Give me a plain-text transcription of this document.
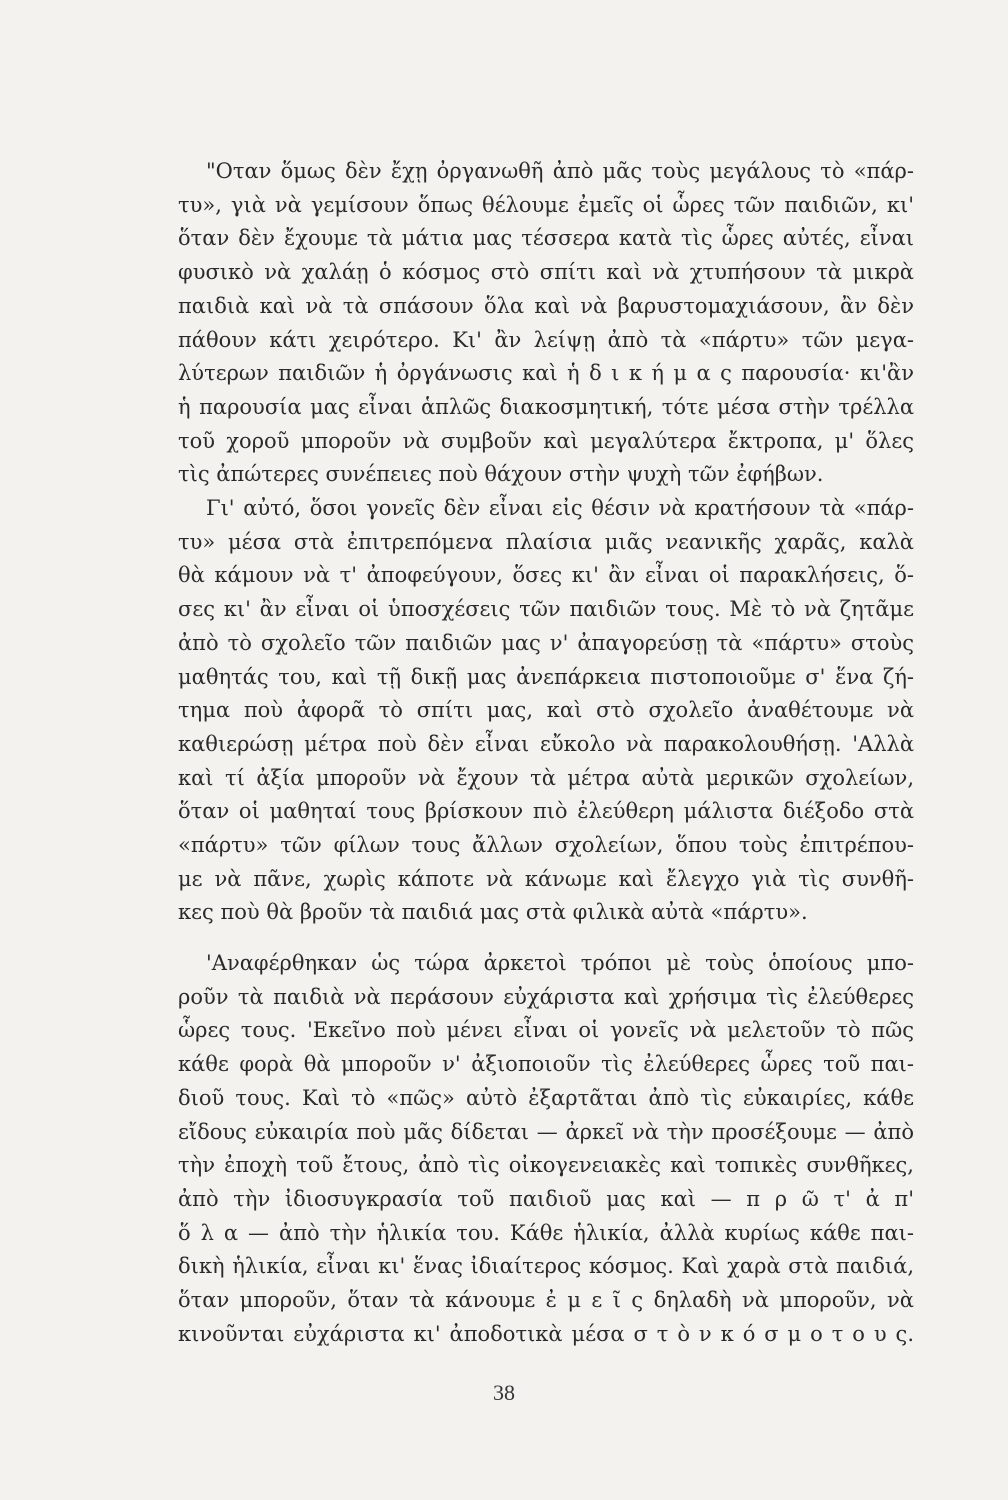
"Οταν ὅμως δὲν ἔχῃ ὀργανωθῆ ἀπὸ μᾶς τοὺς μεγάλους τὸ «πάρ-
τυ», γιὰ νὰ γεμίσουν ὅπως θέλουμε ἐμεῖς οἱ ὧρες τῶν παιδιῶν, κι'
ὅταν δὲν ἔχουμε τὰ μάτια μας τέσσερα κατὰ τὶς ὧρες αὐτές, εἶναι
φυσικὸ νὰ χαλάῃ ὁ κόσμος στὸ σπίτι καὶ νὰ χτυπήσουν τὰ μικρὰ
παιδιὰ καὶ νὰ τὰ σπάσουν ὅλα καὶ νὰ βαρυστομαχιάσουν, ἂν δὲν
πάθουν κάτι χειρότερο. Κι' ἂν λείψῃ ἀπὸ τὰ «πάρτυ» τῶν μεγα-
λύτερων παιδιῶν ἡ ὀργάνωσις καὶ ἡ δ ι κ ή μ α ς παρουσία· κι'ἂν
ἡ παρουσία μας εἶναι ἁπλῶς διακοσμητική, τότε μέσα στὴν τρέλλα
τοῦ χοροῦ μποροῦν νὰ συμβοῦν καὶ μεγαλύτερα ἔκτροπα, μ' ὅλες
τὶς ἀπώτερες συνέπειες ποὺ θάχουν στὴν ψυχὴ τῶν ἐφήβων.
Γι' αὐτό, ὅσοι γονεῖς δὲν εἶναι εἰς θέσιν νὰ κρατήσουν τὰ «πάρ-
τυ» μέσα στὰ ἐπιτρεπόμενα πλαίσια μιᾶς νεανικῆς χαρᾶς, καλὰ
θὰ κάμουν νὰ τ' ἀποφεύγουν, ὅσες κι' ἂν εἶναι οἱ παρακλήσεις, ὅ-
σες κι' ἂν εἶναι οἱ ὑποσχέσεις τῶν παιδιῶν τους. Μὲ τὸ νὰ ζητᾶμε
ἀπὸ τὸ σχολεῖο τῶν παιδιῶν μας ν' ἀπαγορεύσῃ τὰ «πάρτυ» στοὺς
μαθητάς του, καὶ τῇ δικῇ μας ἀνεπάρκεια πιστοποιοῦμε σ' ἕνα ζή-
τημα ποὺ ἀφορᾶ τὸ σπίτι μας, καὶ στὸ σχολεῖο ἀναθέτουμε νὰ
καθιερώσῃ μέτρα ποὺ δὲν εἶναι εὔκολο νὰ παρακολουθήσῃ. 'Αλλὰ
καὶ τί ἀξία μποροῦν νὰ ἔχουν τὰ μέτρα αὐτὰ μερικῶν σχολείων,
ὅταν οἱ μαθηταί τους βρίσκουν πιὸ ἐλεύθερη μάλιστα διέξοδο στὰ
«πάρτυ» τῶν φίλων τους ἄλλων σχολείων, ὅπου τοὺς ἐπιτρέπου-
με νὰ πᾶνε, χωρὶς κάποτε νὰ κάνωμε καὶ ἔλεγχο γιὰ τὶς συνθῆ-
κες ποὺ θὰ βροῦν τὰ παιδιά μας στὰ φιλικὰ αὐτὰ «πάρτυ».
'Αναφέρθηκαν ὡς τώρα ἀρκετοὶ τρόποι μὲ τοὺς ὁποίους μπο-
ροῦν τὰ παιδιὰ νὰ περάσουν εὐχάριστα καὶ χρήσιμα τὶς ἐλεύθερες
ὧρες τους. 'Εκεῖνο ποὺ μένει εἶναι οἱ γονεῖς νὰ μελετοῦν τὸ πῶς
κάθε φορὰ θὰ μποροῦν ν' ἀξιοποιοῦν τὶς ἐλεύθερες ὧρες τοῦ παι-
διοῦ τους. Καὶ τὸ «πῶς» αὐτὸ ἐξαρτᾶται ἀπὸ τὶς εὐκαιρίες, κάθε
εἴδους εὐκαιρία ποὺ μᾶς δίδεται — ἀρκεῖ νὰ τὴν προσέξουμε — ἀπὸ
τὴν ἐποχὴ τοῦ ἔτους, ἀπὸ τὶς οἰκογενειακὲς καὶ τοπικὲς συνθῆκες,
ἀπὸ τὴν ἰδιοσυγκρασία τοῦ παιδιοῦ μας καὶ — π ρ ῶ τ' ἀ π'
ὅ λ α — ἀπὸ τὴν ἡλικία του. Κάθε ἡλικία, ἀλλὰ κυρίως κάθε παι-
δικὴ ἡλικία, εἶναι κι' ἕνας ἰδιαίτερος κόσμος. Καὶ χαρὰ στὰ παιδιά,
ὅταν μποροῦν, ὅταν τὰ κάνουμε ἐ μ ε ῖ ς δηλαδὴ νὰ μποροῦν, νὰ
κινοῦνται εὐχάριστα κι' ἀποδοτικὰ μέσα σ τ ὸ ν κ ό σ μ ο τ ο υ ς.
38
